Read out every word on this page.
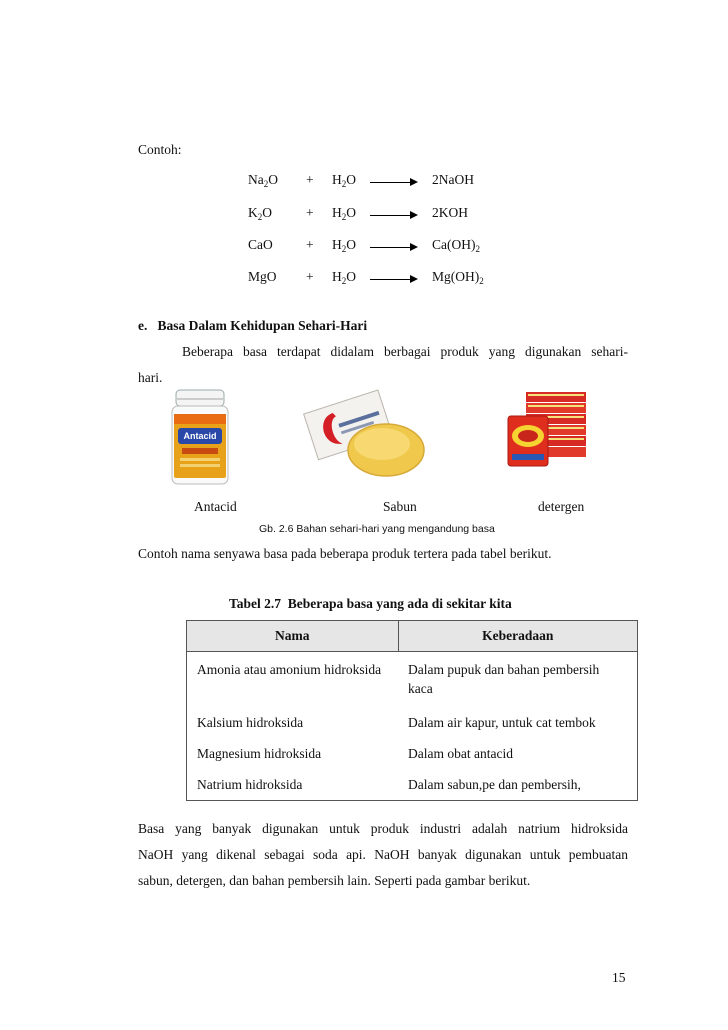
Contoh:
$Na_2O + H_2O$ → 2NaOH
$K_2O$	+ $H_2O \to 2KOH$
CaO + $H_2O \to Ca(OH)_2$
MgO + $H_2O \to Mg(OH)_2$
e.   Basa Dalam Kehidupan Sehari-Hari
Beberapa basa terdapat didalam berbagai produk yang digunakan sehari-
hari.
Antacid
Antacid	Sabun	detergen
Gb. 2.6 Bahan sehari-hari yang mengandung basa
Contoh nama senyawa basa pada beberapa produk tertera pada tabel berikut.
Tabel 2.7  Beberapa basa yang ada di sekitar kita
Nama	Keberadaan
Amonia atau amonium hidroksida	Dalam pupuk dan bahan pembersih kaca
Kalsium hidroksida	Dalam air kapur, untuk cat tembok
Magnesium hidroksida	Dalam obat antacid
Natrium hidroksida	Dalam sabun,pe dan pembersih,
Basa yang banyak digunakan untuk produk industri adalah natrium hidroksida
NaOH yang dikenal sebagai soda api. NaOH banyak digunakan untuk pembuatan
sabun, detergen, dan bahan pembersih lain. Seperti pada gambar berikut.
15
